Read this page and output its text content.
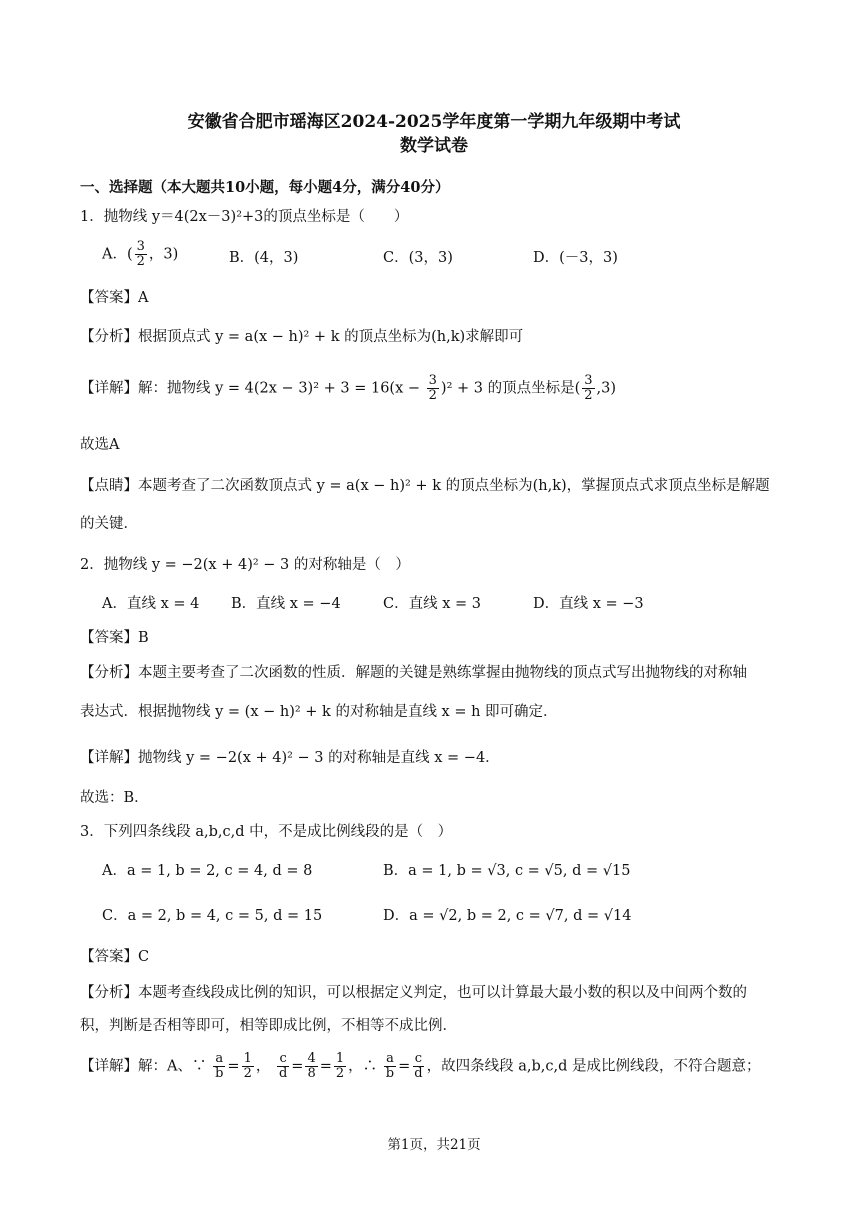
安徽省合肥市瑶海区2024-2025学年度第一学期九年级期中考试
数学试卷
一、选择题（本大题共10小题，每小题4分，满分40分）
1．抛物线 y＝4(2x－3)²+3的顶点坐标是（　　）
A．( $\frac{3}{2}$ ，3)	B．(4，3)	C．(3，3)	D．(－3，3)
【答案】A
【分析】根据顶点式 y = a(x − h)² + k 的顶点坐标为(h,k)求解即可
【详解】解：抛物线 $y = 4(2x - 3)^2 + 3 = 16(x - \frac{3}{2} )^2 + 3$ 的顶点坐标是( $\frac{3}{2} ,3$)
故选A
【点睛】本题考查了二次函数顶点式 y = a(x − h)² + k 的顶点坐标为(h,k)，掌握顶点式求顶点坐标是解题
的关键．
2．抛物线 y = −2(x + 4)² − 3 的对称轴是（　）
A．直线 x = 4 B．直线 x = −4	C．直线 x = 3	D．直线 x = −3
【答案】B
【分析】本题主要考查了二次函数的性质．解题的关键是熟练掌握由抛物线的顶点式写出抛物线的对称轴
表达式．根据抛物线 y = (x − h)² + k 的对称轴是直线 x = h 即可确定．
【详解】抛物线 y = −2(x + 4)² − 3 的对称轴是直线 x = −4．
故选：B．
3．下列四条线段 a,b,c,d 中，不是成比例线段的是（　）
A．a = 1, b = 2, c = 4, d = 8	B．a = 1, b = √3, c = √5, d = √15
C．a = 2, b = 4, c = 5, d = 15	D．a = √2, b = 2, c = √7, d = √14
【答案】C
【分析】本题考查线段成比例的知识，可以根据定义判定，也可以计算最大最小数的积以及中间两个数的
积，判断是否相等即可，相等即成比例，不相等不成比例．
【详解】解：A、∵ $\frac{a}{b} = \frac{1}{2}$ ， $\frac{c}{d} = \frac{4}{8} = \frac{1}{2}$ ，∴ $\frac{a}{b} = \frac{c}{d}$ ，故四条线段 a,b,c,d 是成比例线段，不符合题意；
第1页，共21页
